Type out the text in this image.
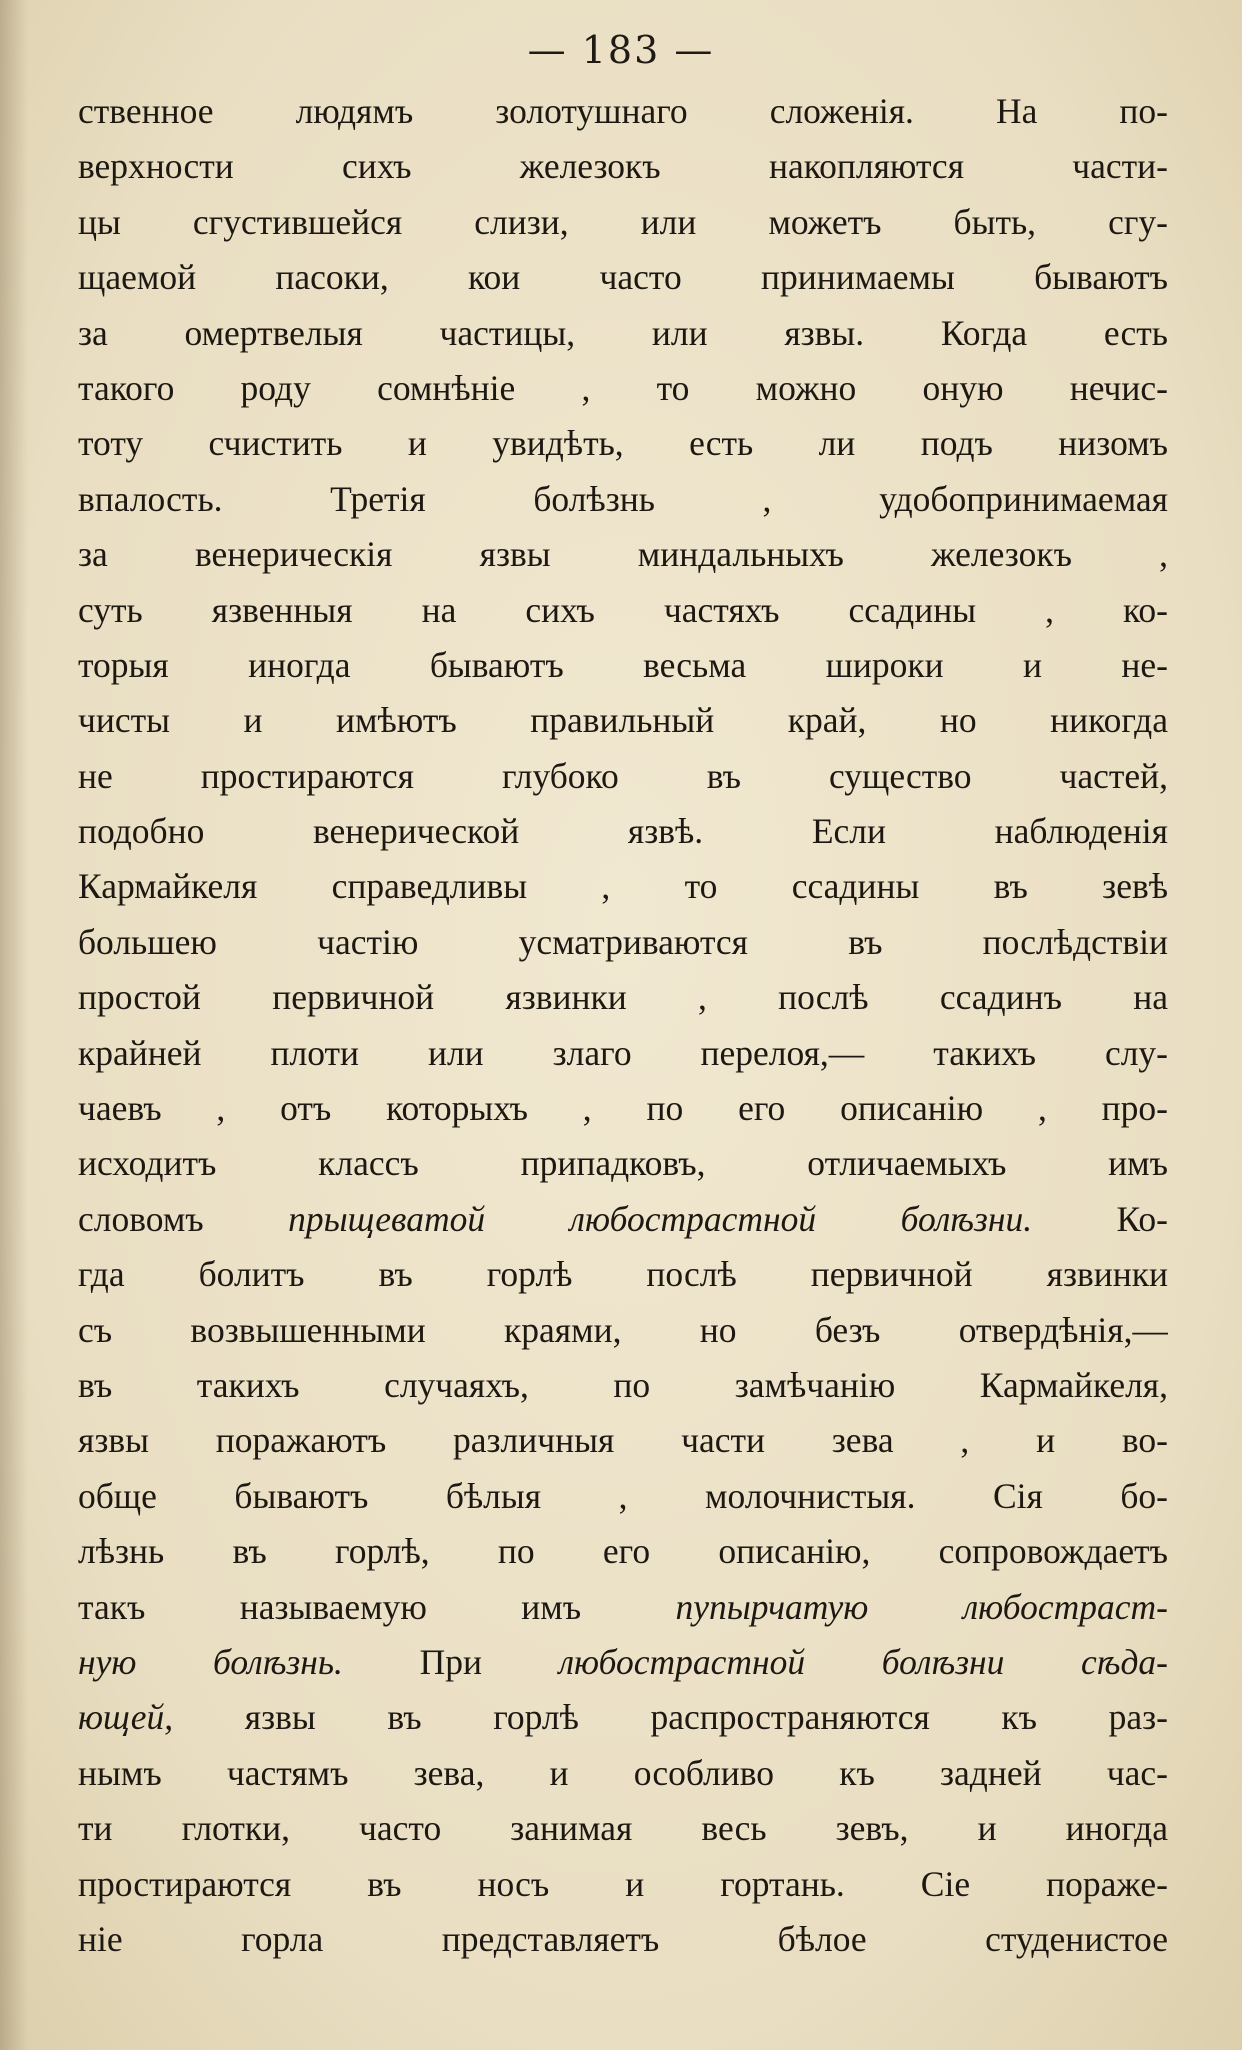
— 183 —
ственное людямъ золотушнаго сложенія. На по-
верхности сихъ железокъ накопляются части-
цы сгустившейся слизи, или можетъ быть, сгу-
щаемой пасоки, кои часто принимаемы бываютъ
за омертвелыя частицы, или язвы. Когда есть
такого роду сомнѣніе , то можно оную нечис-
тоту счистить и увидѣть, есть ли подъ низомъ
впалость. Третія болѣзнь , удобопринимаемая
за венерическія язвы миндальныхъ железокъ ,
суть язвенныя на сихъ частяхъ ссадины , ко-
торыя иногда бываютъ весьма широки и не-
чисты и имѣютъ правильный край, но никогда
не простираются глубоко въ существо частей,
подобно венерической язвѣ. Если наблюденія
Кармайкеля справедливы , то ссадины въ зевѣ
большею частію усматриваются въ послѣдствіи
простой первичной язвинки , послѣ ссадинъ на
крайней плоти или злаго перелоя,— такихъ слу-
чаевъ , отъ которыхъ , по его описанію , про-
исходитъ классъ припадковъ, отличаемыхъ имъ
словомъ прыщеватой любострастной болѣзни. Ко-
гда болитъ въ горлѣ послѣ первичной язвинки
съ возвышенными краями, но безъ отвердѣнія,—
въ такихъ случаяхъ, по замѣчанію Кармайкеля,
язвы поражаютъ различныя части зева , и во-
обще бываютъ бѣлыя , молочнистыя. Сія бо-
лѣзнь въ горлѣ, по его описанію, сопровождаетъ
такъ называемую имъ пупырчатую любостраст-
ную болѣзнь. При любострастной болѣзни сѣда-
ющей, язвы въ горлѣ распространяются къ раз-
нымъ частямъ зева, и особливо къ задней час-
ти глотки, часто занимая весь зевъ, и иногда
простираются въ носъ и гортань. Сіе пораже-
ніе горла представляетъ бѣлое студенистое
